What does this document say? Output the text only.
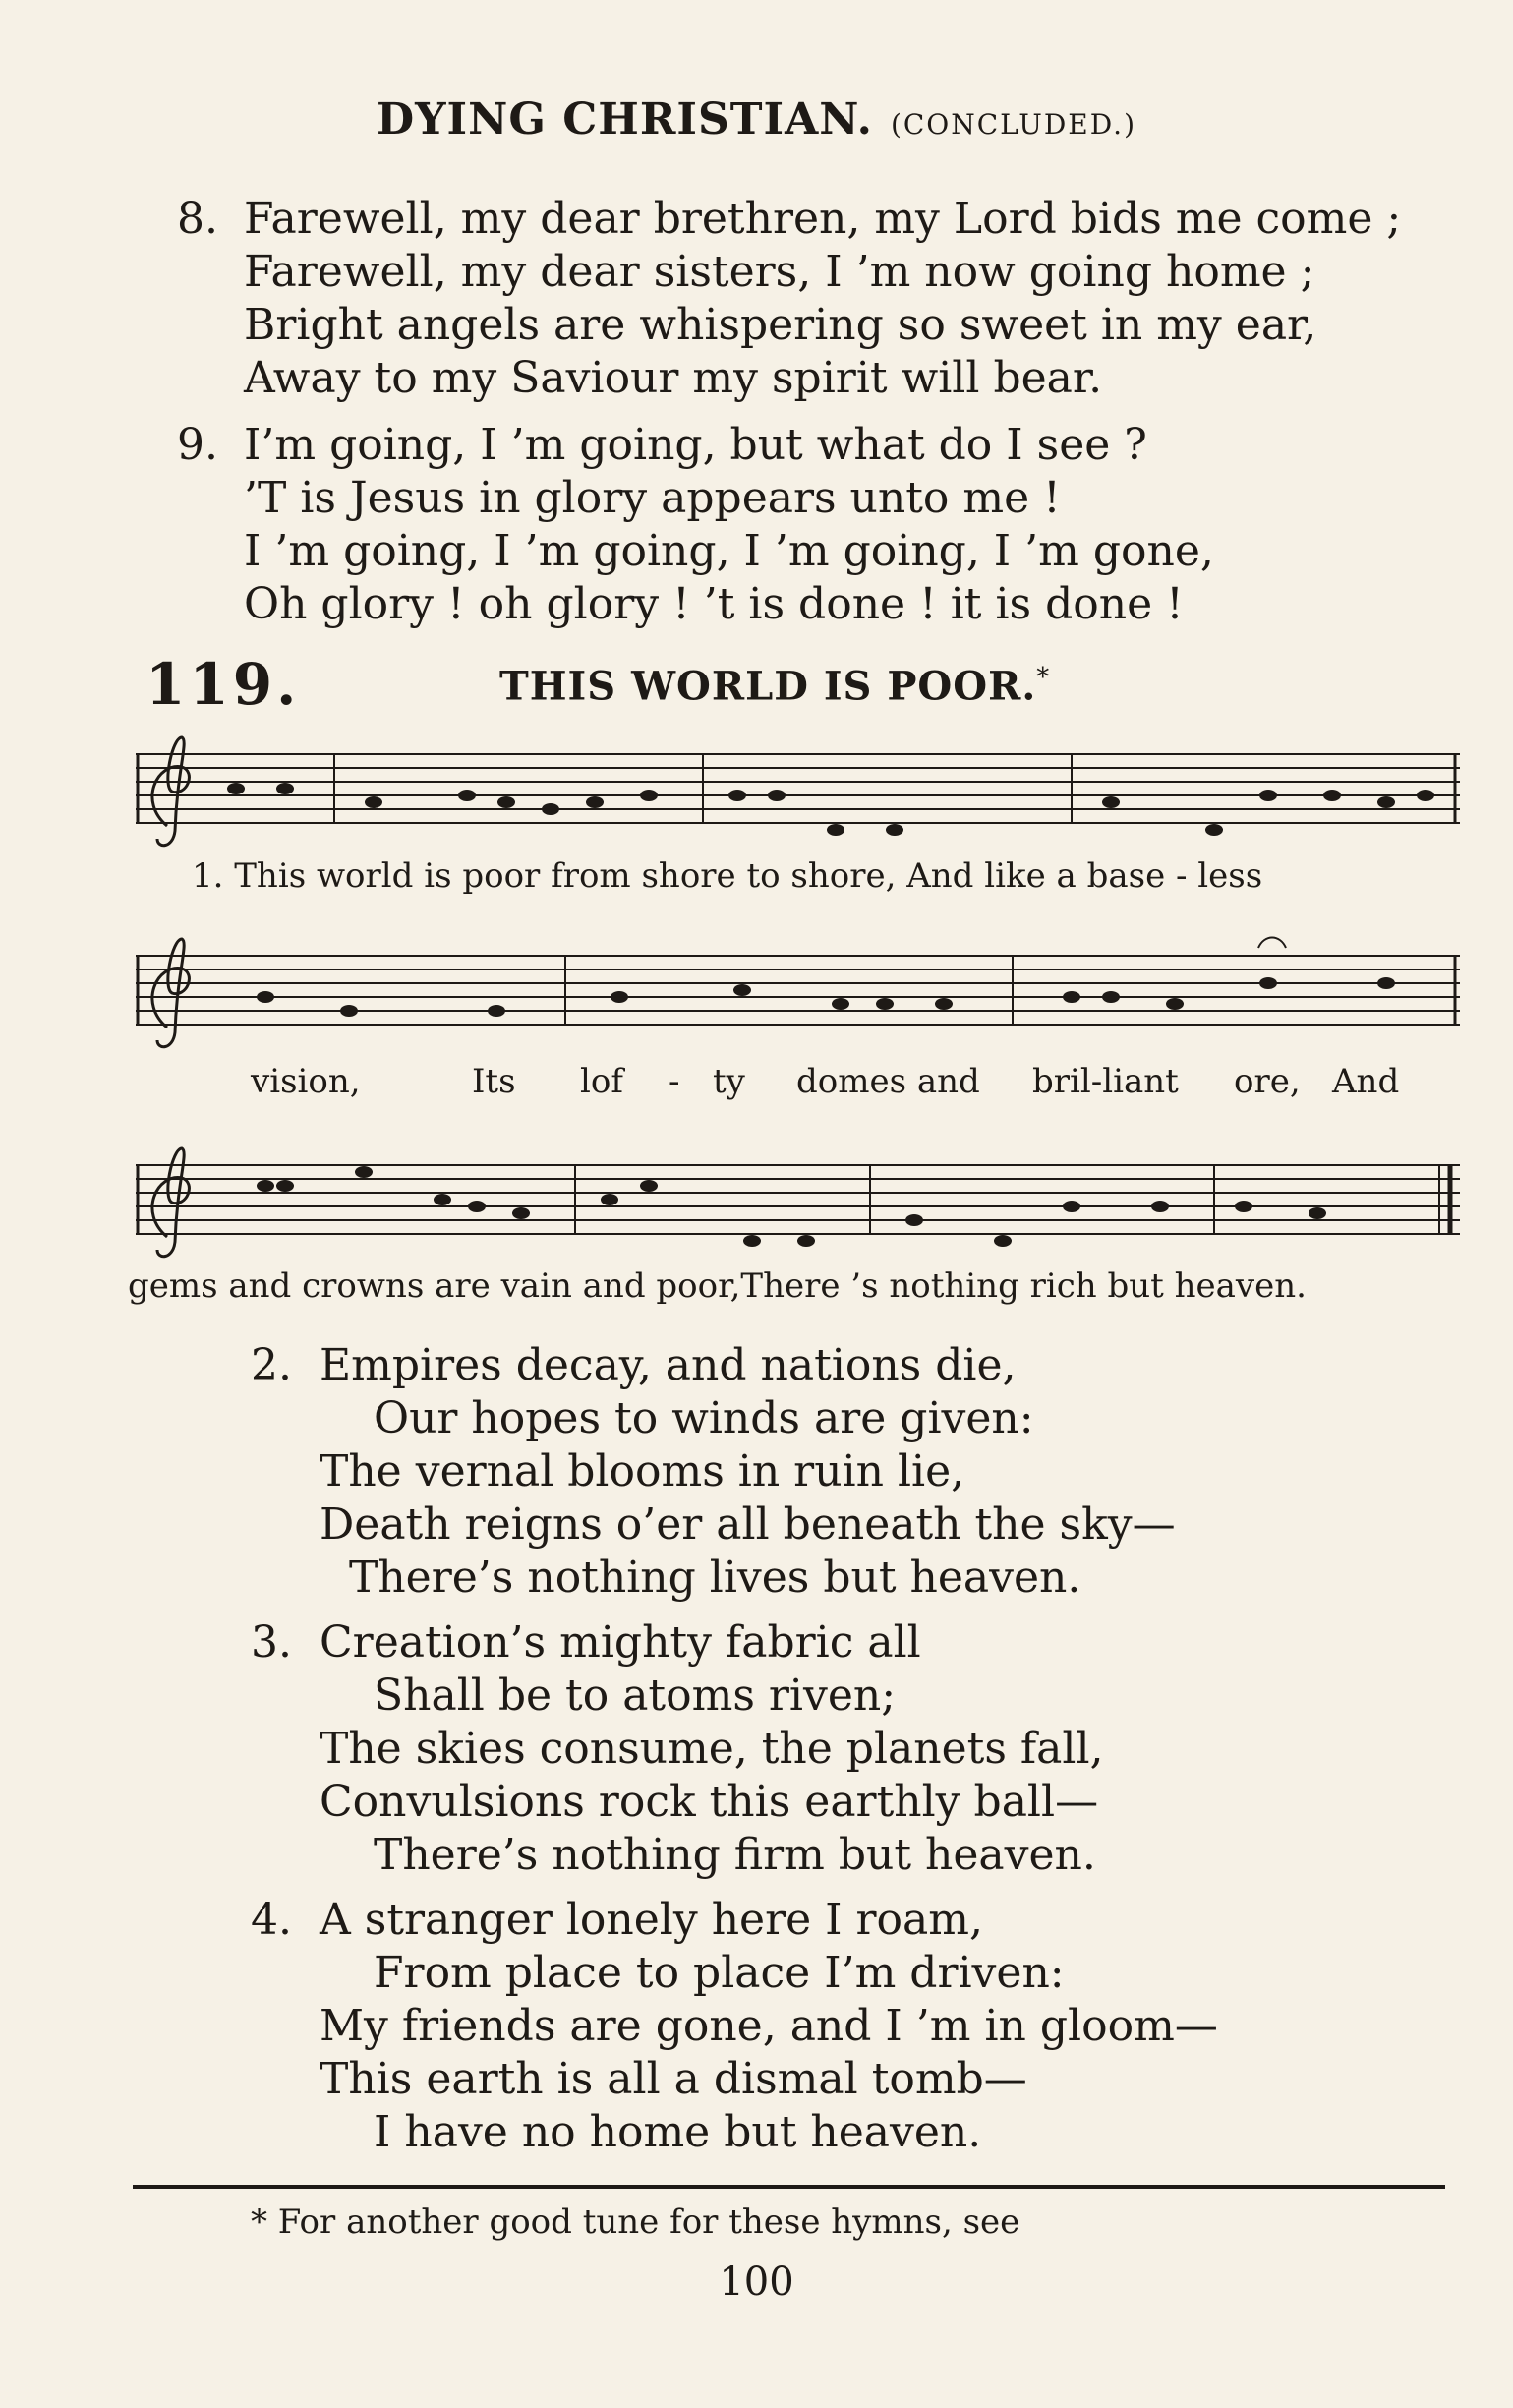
DYING CHRISTIAN. (CONCLUDED.)
8. Farewell, my dear brethren, my Lord bids me come ;
Farewell, my dear sisters, I ’m now going home ;
Bright angels are whispering so sweet in my ear,
Away to my Saviour my spirit will bear.
9. I’m going, I ’m going, but what do I see ?
’T is Jesus in glory appears unto me !
I ’m going, I ’m going, I ’m going, I ’m gone,
Oh glory ! oh glory ! ’t is done ! it is done !
119.	THIS WORLD IS POOR.*
1. This world is poor from shore to shore, And like a base - less
vision,	Its lof - ty domes and bril-liant ore, And
gems and crowns are vain and poor,There ’s nothing rich but heaven.
2. Empires decay, and nations die,
Our hopes to winds are given:
The vernal blooms in ruin lie,
Death reigns o’er all beneath the sky—
There’s nothing lives but heaven.
3. Creation’s mighty fabric all
Shall be to atoms riven;
The skies consume, the planets fall,
Convulsions rock this earthly ball—
There’s nothing firm but heaven.
4. A stranger lonely here I roam,
From place to place I’m driven:
My friends are gone, and I ’m in gloom—
This earth is all a dismal tomb—
I have no home but heaven.
* For another good tune for these hymns, see
100
